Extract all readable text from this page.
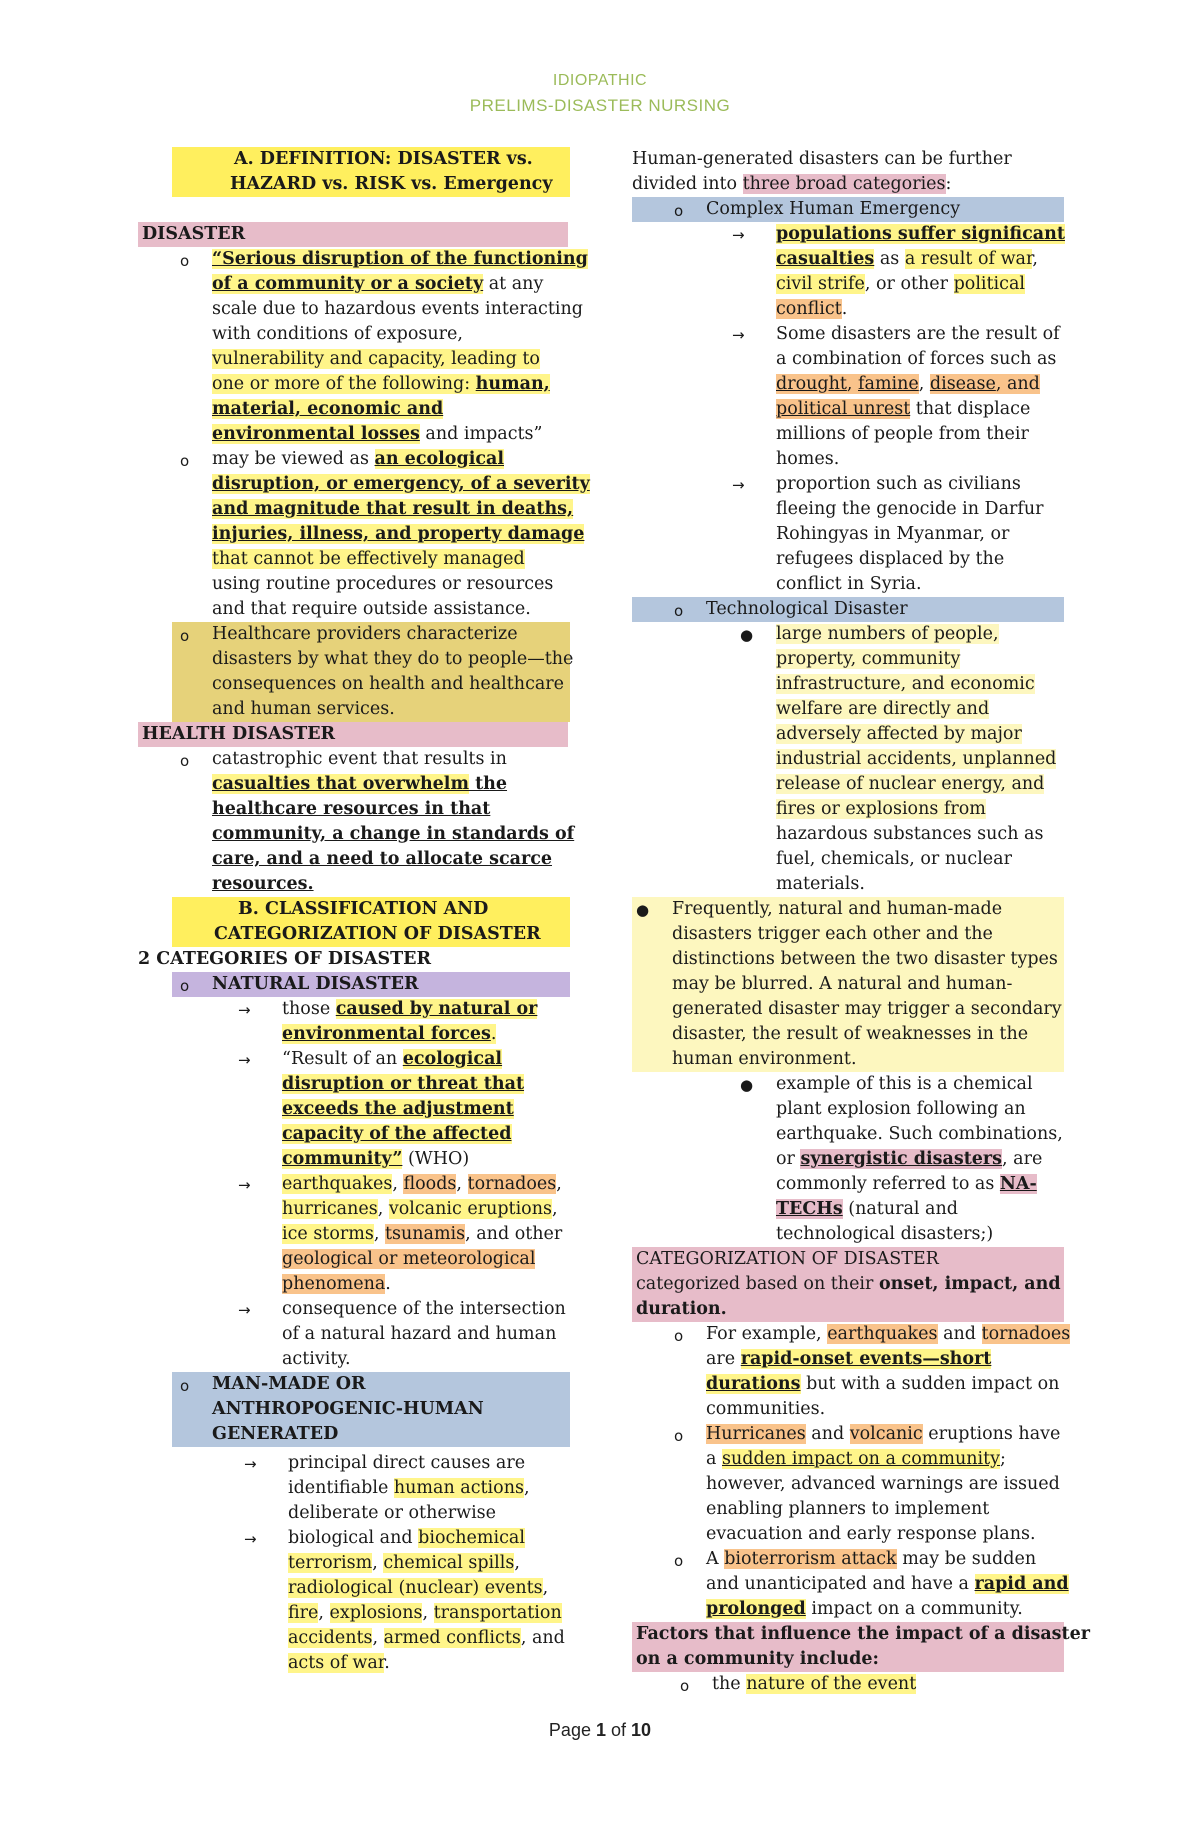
IDIOPATHIC
PRELIMS-DISASTER NURSING
A. DEFINITION: DISASTER vs.
HAZARD vs. RISK vs. Emergency
DISASTER
o “Serious disruption of the functioning
of a community or a society at any
scale due to hazardous events interacting
with conditions of exposure,
vulnerability and capacity, leading to
one or more of the following: human,
material, economic and
environmental losses and impacts”
o may be viewed as an ecological
disruption, or emergency, of a severity
and magnitude that result in deaths,
injuries, illness, and property damage
that cannot be effectively managed
using routine procedures or resources
and that require outside assistance.
o Healthcare providers characterize
disasters by what they do to people—the
consequences on health and healthcare
and human services.
HEALTH DISASTER
o catastrophic event that results in
casualties that overwhelm the
healthcare resources in that
community, a change in standards of
care, and a need to allocate scarce
resources.
B. CLASSIFICATION AND
CATEGORIZATION OF DISASTER
2 CATEGORIES OF DISASTER
o NATURAL DISASTER
→ those caused by natural or
environmental forces.
→ “Result of an ecological
disruption or threat that
exceeds the adjustment
capacity of the affected
community” (WHO)
→ earthquakes, floods, tornadoes,
hurricanes, volcanic eruptions,
ice storms, tsunamis, and other
geological or meteorological
phenomena.
→ consequence of the intersection
of a natural hazard and human
activity.
o MAN-MADE OR
ANTHROPOGENIC-HUMAN
GENERATED
→ principal direct causes are
identifiable human actions,
deliberate or otherwise
→ biological and biochemical
terrorism, chemical spills,
radiological (nuclear) events,
fire, explosions, transportation
accidents, armed conflicts, and
acts of war.
Human-generated disasters can be further
divided into three broad categories:
o Complex Human Emergency
→ populations suffer significant
casualties as a result of war,
civil strife, or other political
conflict.
→ Some disasters are the result of
a combination of forces such as
drought, famine, disease, and
political unrest that displace
millions of people from their
homes.
→ proportion such as civilians
fleeing the genocide in Darfur
Rohingyas in Myanmar, or
refugees displaced by the
conflict in Syria.
o Technological Disaster
● large numbers of people,
property, community
infrastructure, and economic
welfare are directly and
adversely affected by major
industrial accidents, unplanned
release of nuclear energy, and
fires or explosions from
hazardous substances such as
fuel, chemicals, or nuclear
materials.
● Frequently, natural and human-made
disasters trigger each other and the
distinctions between the two disaster types
may be blurred. A natural and human-
generated disaster may trigger a secondary
disaster, the result of weaknesses in the
human environment.
● example of this is a chemical
plant explosion following an
earthquake. Such combinations,
or synergistic disasters, are
commonly referred to as NA-
TECHs (natural and
technological disasters;)
CATEGORIZATION OF DISASTER
categorized based on their onset, impact, and
duration.
o For example, earthquakes and tornadoes
are rapid-onset events—short
durations but with a sudden impact on
communities.
o Hurricanes and volcanic eruptions have
a sudden impact on a community;
however, advanced warnings are issued
enabling planners to implement
evacuation and early response plans.
o A bioterrorism attack may be sudden
and unanticipated and have a rapid and
prolonged impact on a community.
Factors that influence the impact of a disaster
on a community include:
o the nature of the event
Page 1 of 10
